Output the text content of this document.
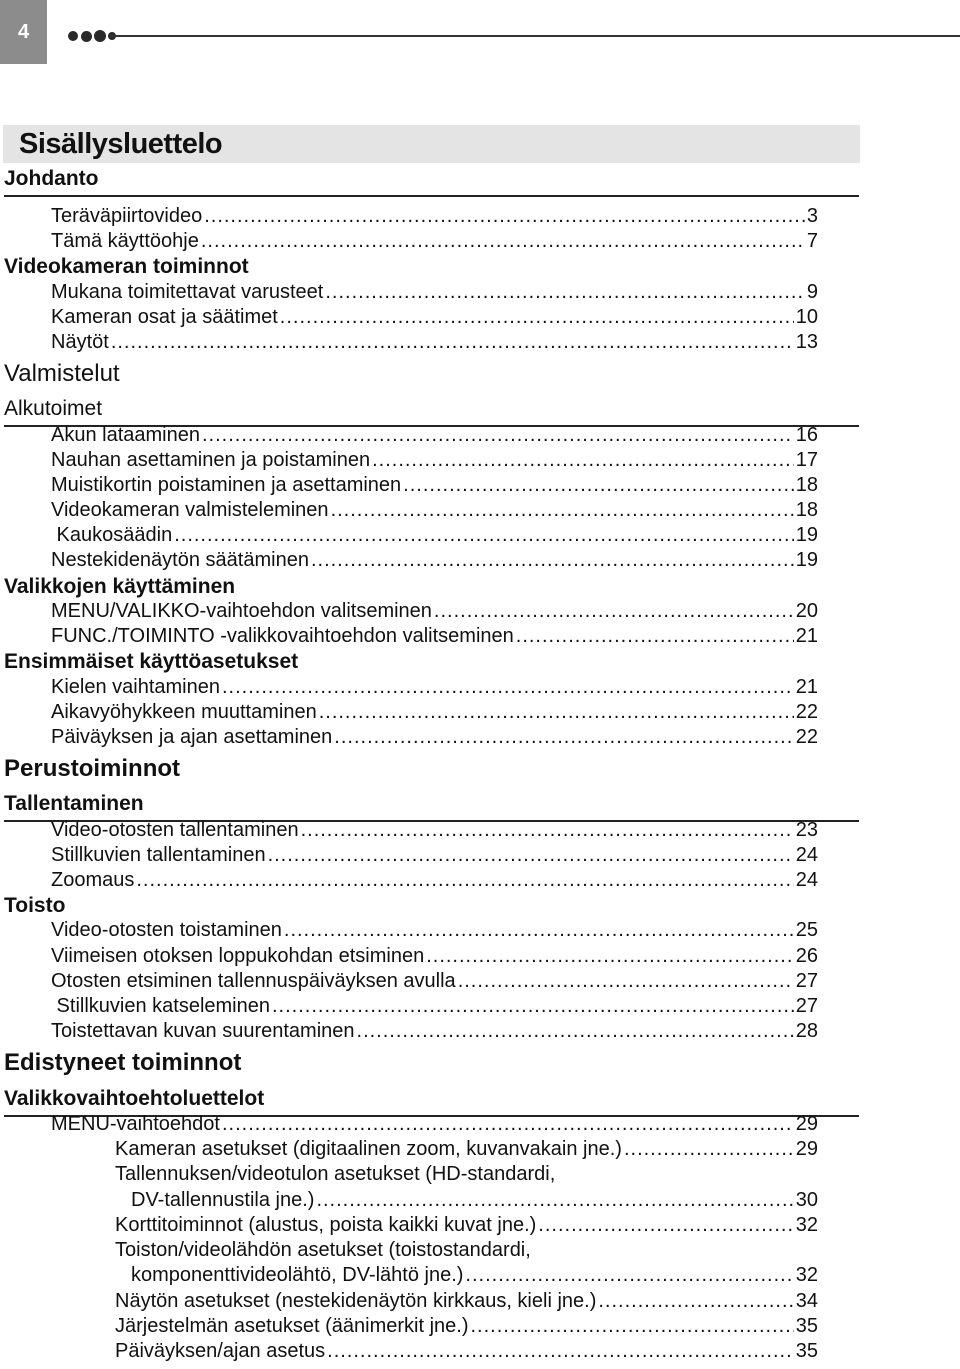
4
Sisällysluettelo
Johdanto
Teräväpiirtovideo .....	3
Tämä käyttöohje .....	7
Videokameran toiminnot
Mukana toimitettavat varusteet .....	9
Kameran osat ja säätimet .....	10
Näytöt .....	13
Valmistelut
Alkutoimet
Akun lataaminen .....	16
Nauhan asettaminen ja poistaminen .....	17
Muistikortin poistaminen ja asettaminen .....	18
Videokameran valmisteleminen .....	18
Kaukosäädin .....	19
Nestekidenäytön säätäminen .....	19
Valikkojen käyttäminen
MENU/VALIKKO-vaihtoehdon valitseminen .....	20
FUNC./TOIMINTO -valikkovaihtoehdon valitseminen .....	21
Ensimmäiset käyttöasetukset
Kielen vaihtaminen .....	21
Aikavyöhykkeen muuttaminen .....	22
Päiväyksen ja ajan asettaminen .....	22
Perustoiminnot
Tallentaminen
Video-otosten tallentaminen .....	23
Stillkuvien tallentaminen .....	24
Zoomaus .....	24
Toisto
Video-otosten toistaminen .....	25
Viimeisen otoksen loppukohdan etsiminen .....	26
Otosten etsiminen tallennuspäiväyksen avulla .....	27
Stillkuvien katseleminen .....	27
Toistettavan kuvan suurentaminen .....	28
Edistyneet toiminnot
Valikkovaihtoehtoluettelot
MENU-vaihtoehdot .....	29
Kameran asetukset (digitaalinen zoom, kuvanvakain jne.) .....	29
Tallennuksen/videotulon asetukset (HD-standardi,
DV-tallennustila jne.) .....	30
Korttitoiminnot (alustus, poista kaikki kuvat jne.) .....	32
Toiston/videolähdön asetukset (toistostandardi,
komponenttivideolähtö, DV-lähtö jne.) .....	32
Näytön asetukset (nestekidenäytön kirkkaus, kieli jne.) .....	34
Järjestelmän asetukset (äänimerkit jne.) .....	35
Päiväyksen/ajan asetus .....	35
